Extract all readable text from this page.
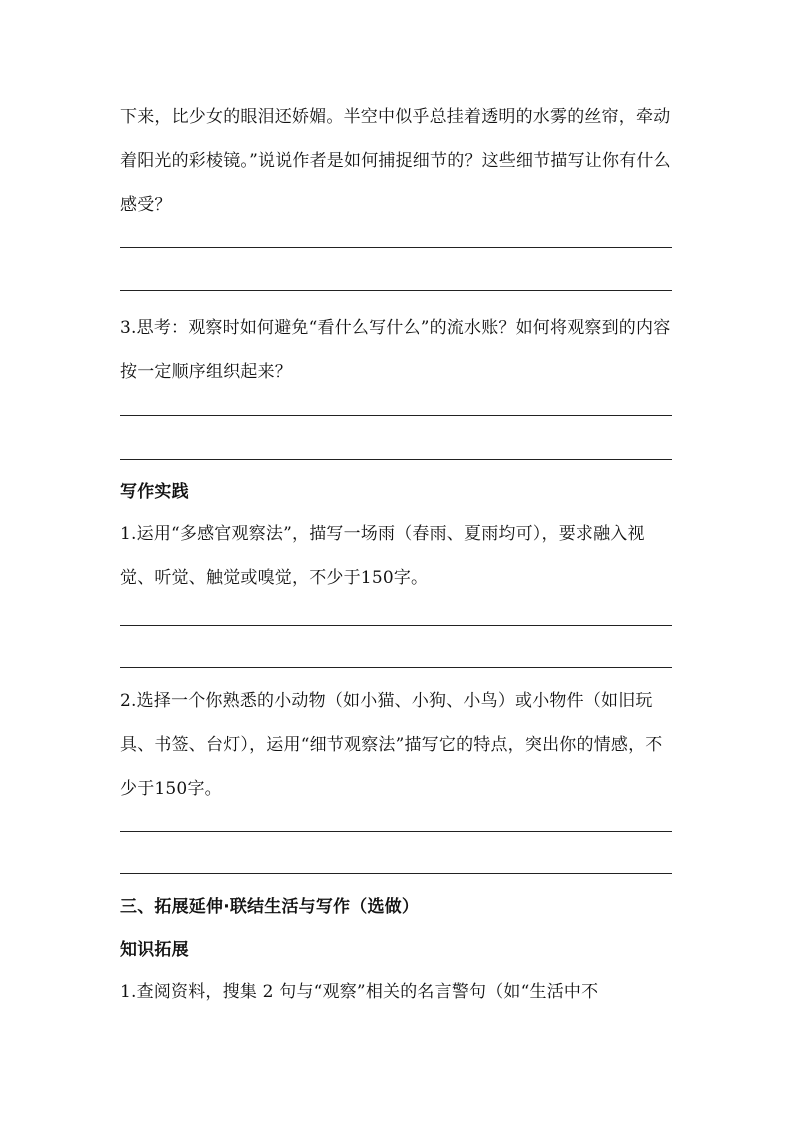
下来，比少女的眼泪还娇媚。半空中似乎总挂着透明的水雾的丝帘，牵动着阳光的彩棱镜。”说说作者是如何捕捉细节的？这些细节描写让你有什么感受？
3.思考：观察时如何避免“看什么写什么”的流水账？如何将观察到的内容按一定顺序组织起来？
写作实践
1.运用“多感官观察法”，描写一场雨（春雨、夏雨均可），要求融入视觉、听觉、触觉或嗅觉，不少于150字。
2.选择一个你熟悉的小动物（如小猫、小狗、小鸟）或小物件（如旧玩具、书签、台灯），运用“细节观察法”描写它的特点，突出你的情感，不少于150字。
三、拓展延伸·联结生活与写作（选做）
知识拓展
1.查阅资料，搜集 2 句与“观察”相关的名言警句（如“生活中不
